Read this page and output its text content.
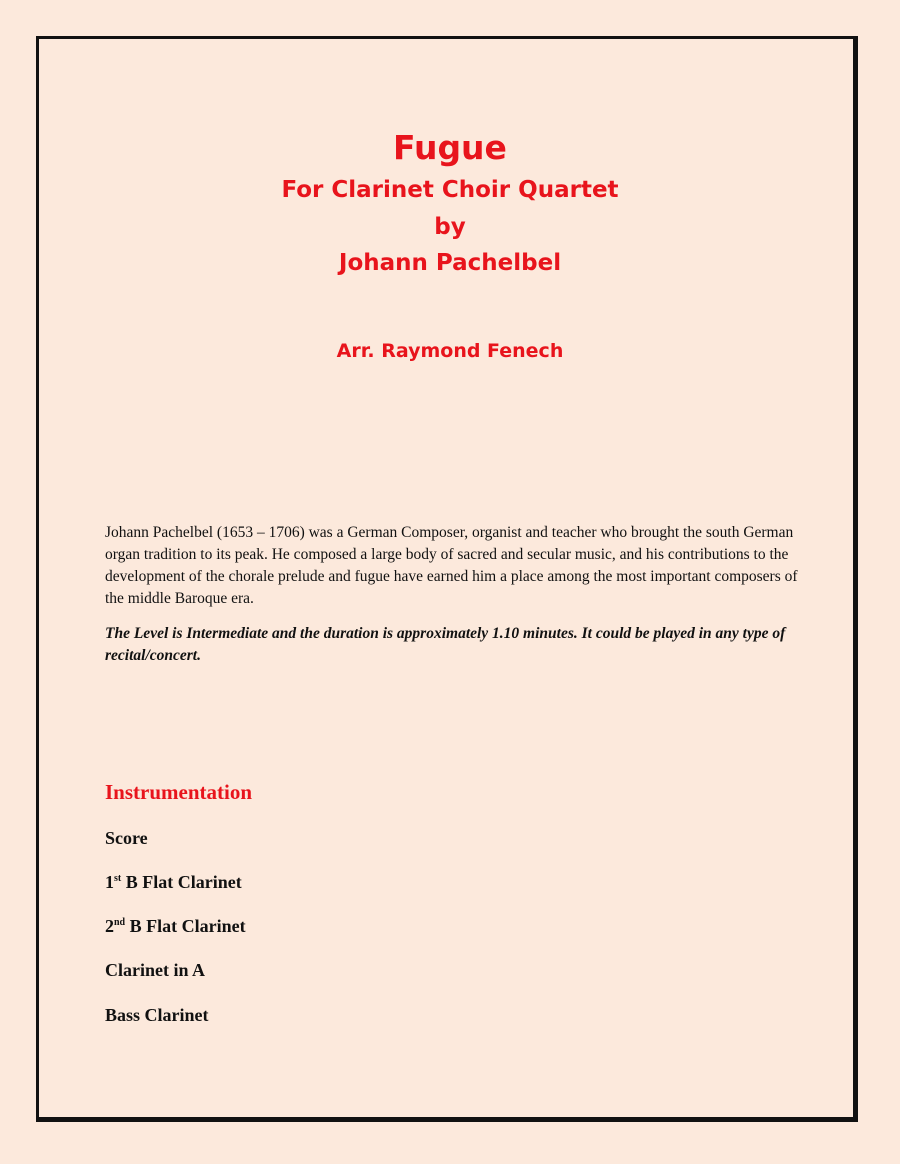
Fugue
For Clarinet Choir Quartet
by
Johann Pachelbel
Arr. Raymond Fenech
Johann Pachelbel (1653 – 1706) was a German Composer, organist and teacher who brought the south German organ tradition to its peak. He composed a large body of sacred and secular music, and his contributions to the development of the chorale prelude and fugue have earned him a place among the most important composers of the middle Baroque era.
The Level is Intermediate and the duration is approximately 1.10 minutes. It could be played in any type of recital/concert.
Instrumentation
Score
1st B Flat Clarinet
2nd B Flat Clarinet
Clarinet in A
Bass Clarinet
